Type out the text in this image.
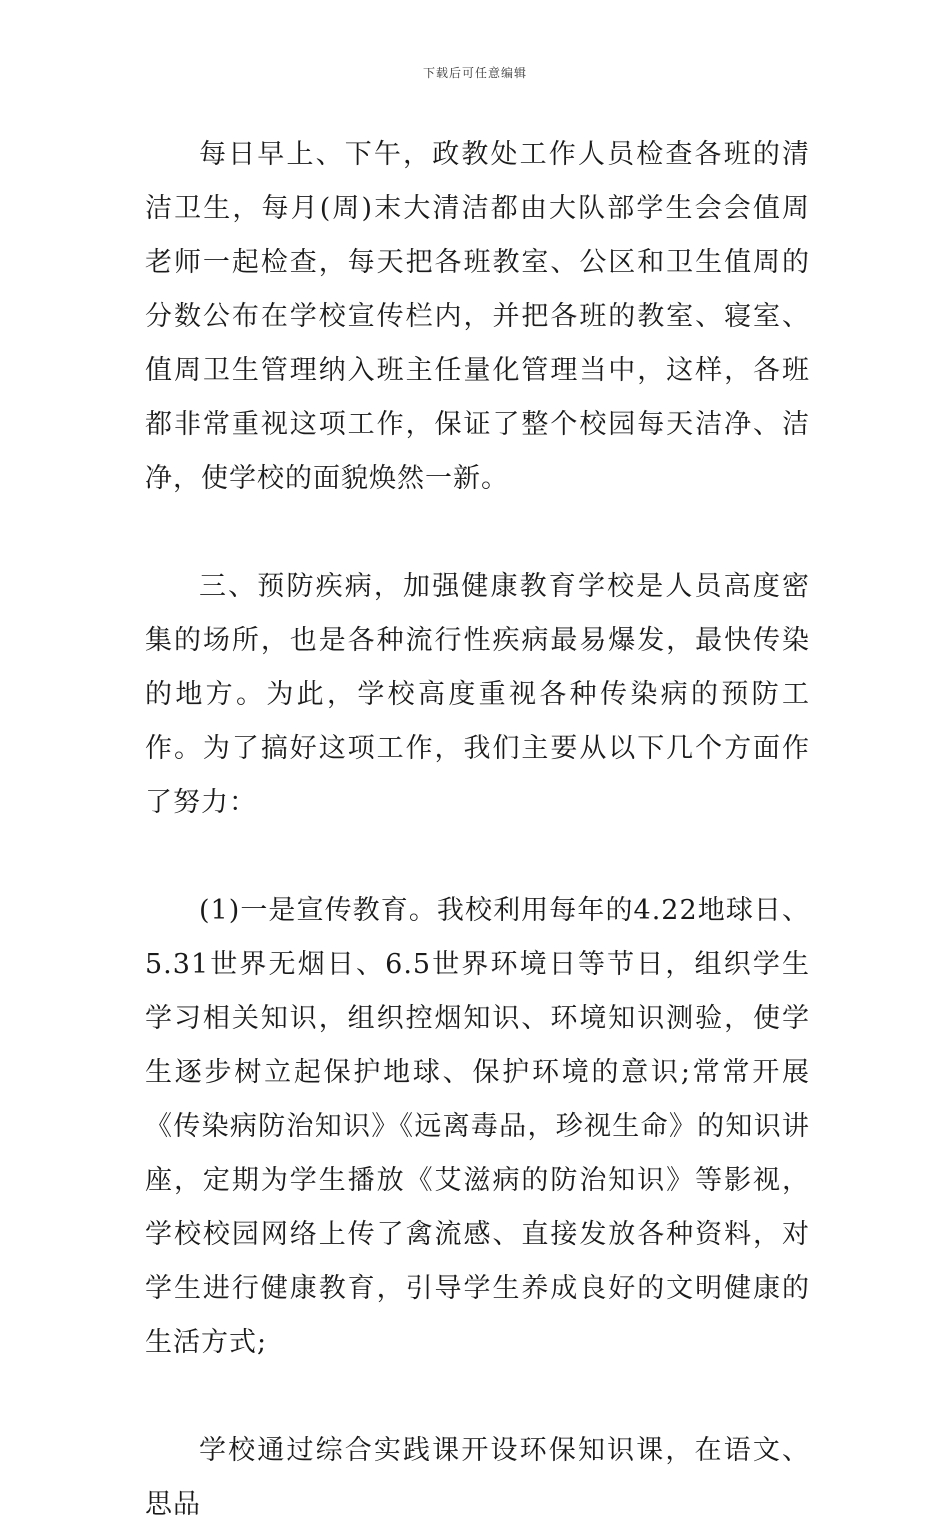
下载后可任意编辑

每日早上、下午，政教处工作人员检查各班的清洁卫生，每月(周)末大清洁都由大队部学生会会值周老师一起检查，每天把各班教室、公区和卫生值周的分数公布在学校宣传栏内，并把各班的教室、寝室、值周卫生管理纳入班主任量化管理当中，这样，各班都非常重视这项工作，保证了整个校园每天洁净、洁净，使学校的面貌焕然一新。

三、预防疾病，加强健康教育学校是人员高度密集的场所，也是各种流行性疾病最易爆发，最快传染的地方。为此，学校高度重视各种传染病的预防工作。为了搞好这项工作，我们主要从以下几个方面作了努力：

(1)一是宣传教育。我校利用每年的4.22地球日、5.31世界无烟日、6.5世界环境日等节日，组织学生学习相关知识，组织控烟知识、环境知识测验，使学生逐步树立起保护地球、保护环境的意识;常常开展《传染病防治知识》《远离毒品，珍视生命》的知识讲座，定期为学生播放《艾滋病的防治知识》等影视，学校校园网络上传了禽流感、直接发放各种资料，对学生进行健康教育，引导学生养成良好的文明健康的生活方式;

学校通过综合实践课开设环保知识课，在语文、思品
